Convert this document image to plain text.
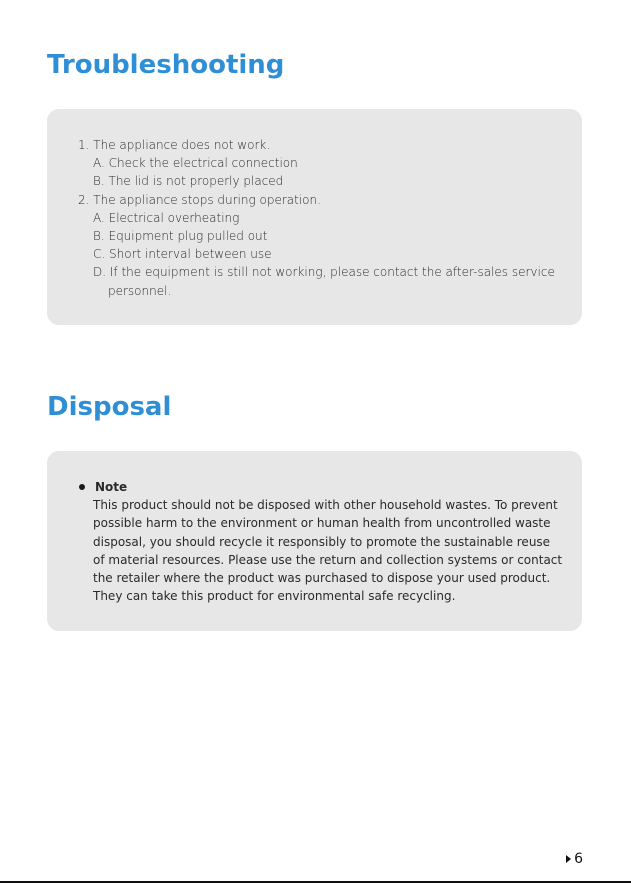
Troubleshooting
1. The appliance does not work.
A. Check the electrical connection
B. The lid is not properly placed
2. The appliance stops during operation.
A. Electrical overheating
B. Equipment plug pulled out
C. Short interval between use
D. If the equipment is still not working, please contact the after-sales service
personnel.
Disposal
Note
This product should not be disposed with other household wastes. To prevent
possible harm to the environment or human health from uncontrolled waste
disposal, you should recycle it responsibly to promote the sustainable reuse
of material resources. Please use the return and collection systems or contact
the retailer where the product was purchased to dispose your used product.
They can take this product for environmental safe recycling.
6
